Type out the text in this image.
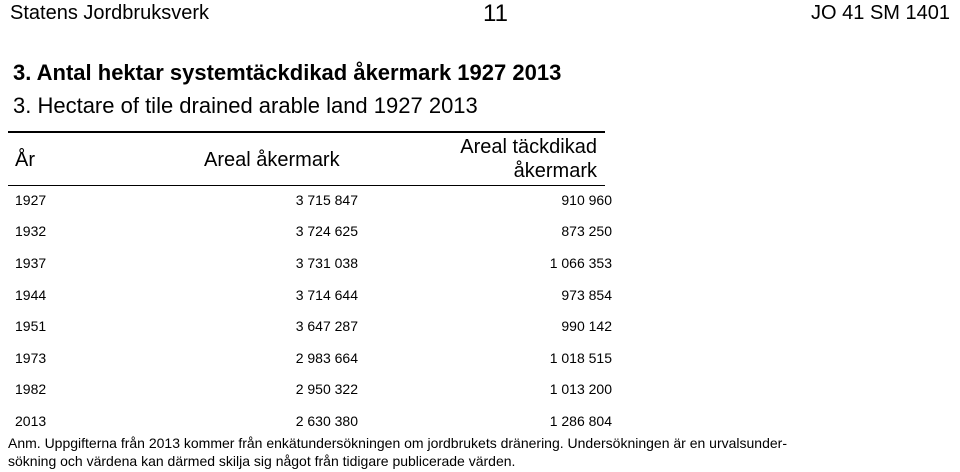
Statens Jordbruksverk	11	JO 41 SM 1401
3. Antal hektar systemtäckdikad åkermark 1927 2013
3. Hectare of tile drained arable land 1927 2013
År	Areal åkermark
Areal täckdikad
åkermark
1927	3 715 847	910 960
1932	3 724 625	873 250
1937	3 731 038	1 066 353
1944	3 714 644	973 854
1951	3 647 287	990 142
1973	2 983 664	1 018 515
1982	2 950 322	1 013 200
2013	2 630 380	1 286 804
Anm. Uppgifterna från 2013 kommer från enkätundersökningen om jordbrukets dränering. Undersökningen är en urvalsunder-
sökning och värdena kan därmed skilja sig något från tidigare publicerade värden.
